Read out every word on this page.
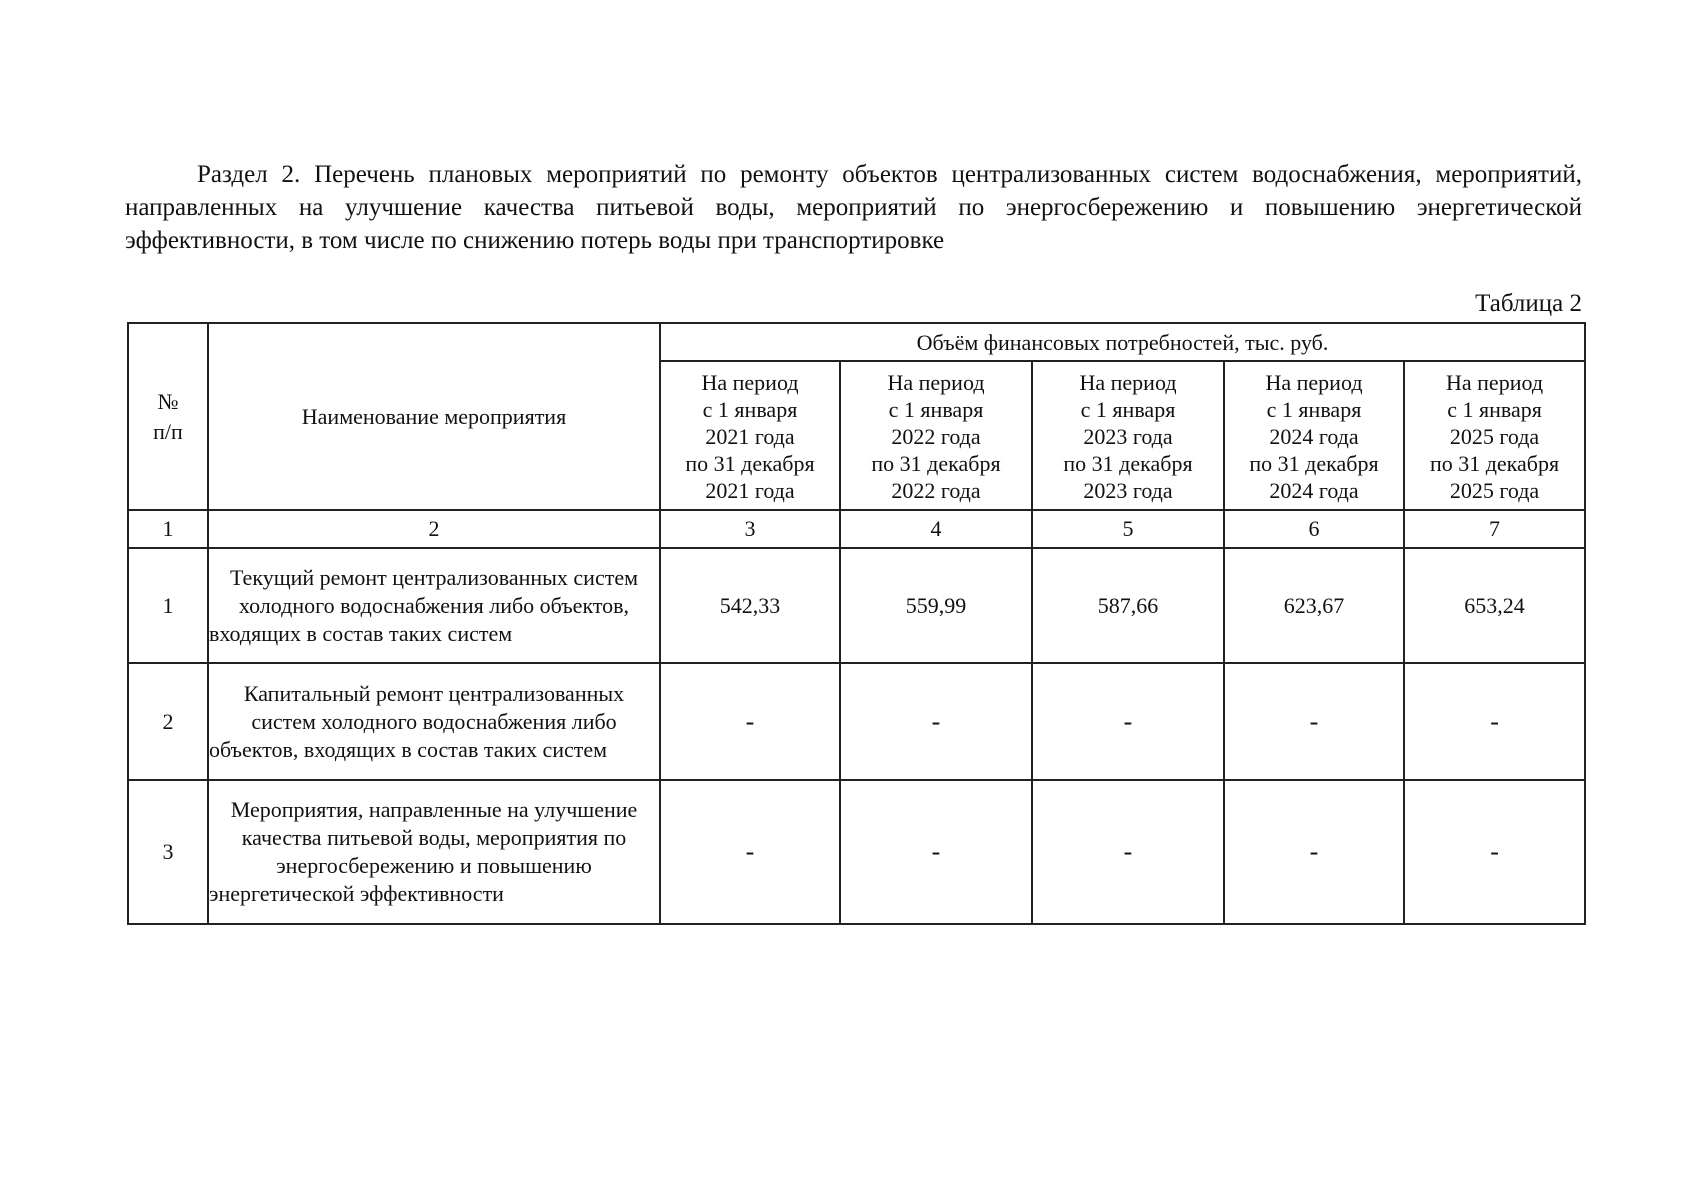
Раздел 2. Перечень плановых мероприятий по ремонту объектов централизованных систем водоснабжения, мероприятий, направленных на улучшение качества питьевой воды, мероприятий по энергосбережению и повышению энергетической эффективности, в том числе по снижению потерь воды при транспортировке

Таблица 2
№ п/п	Наименование мероприятия	Объём финансовых потребностей, тыс. руб.				

		На период
с 1 января
2021 года
по 31 декабря
2021 года	На период
с 1 января
2022 года
по 31 декабря
2022 года	На период
с 1 января
2023 года
по 31 декабря
2023 года	На период
с 1 января
2024 года
по 31 декабря
2024 года	На период
с 1 января
2025 года
по 31 декабря
2025 года

1	2	3	4	5	6	7
1	Текущий ремонт централизованных систем холодного водоснабжения либо объектов, входящих в состав таких систем	542,33	559,99	587,66	623,67	653,24
2	Капитальный ремонт централизованных систем холодного водоснабжения либо объектов, входящих в состав таких систем	-	-	-	-	-
3	Мероприятия, направленные на улучшение качества питьевой воды, мероприятия по энергосбережению и повышению энергетической эффективности	-	-	-	-	-
